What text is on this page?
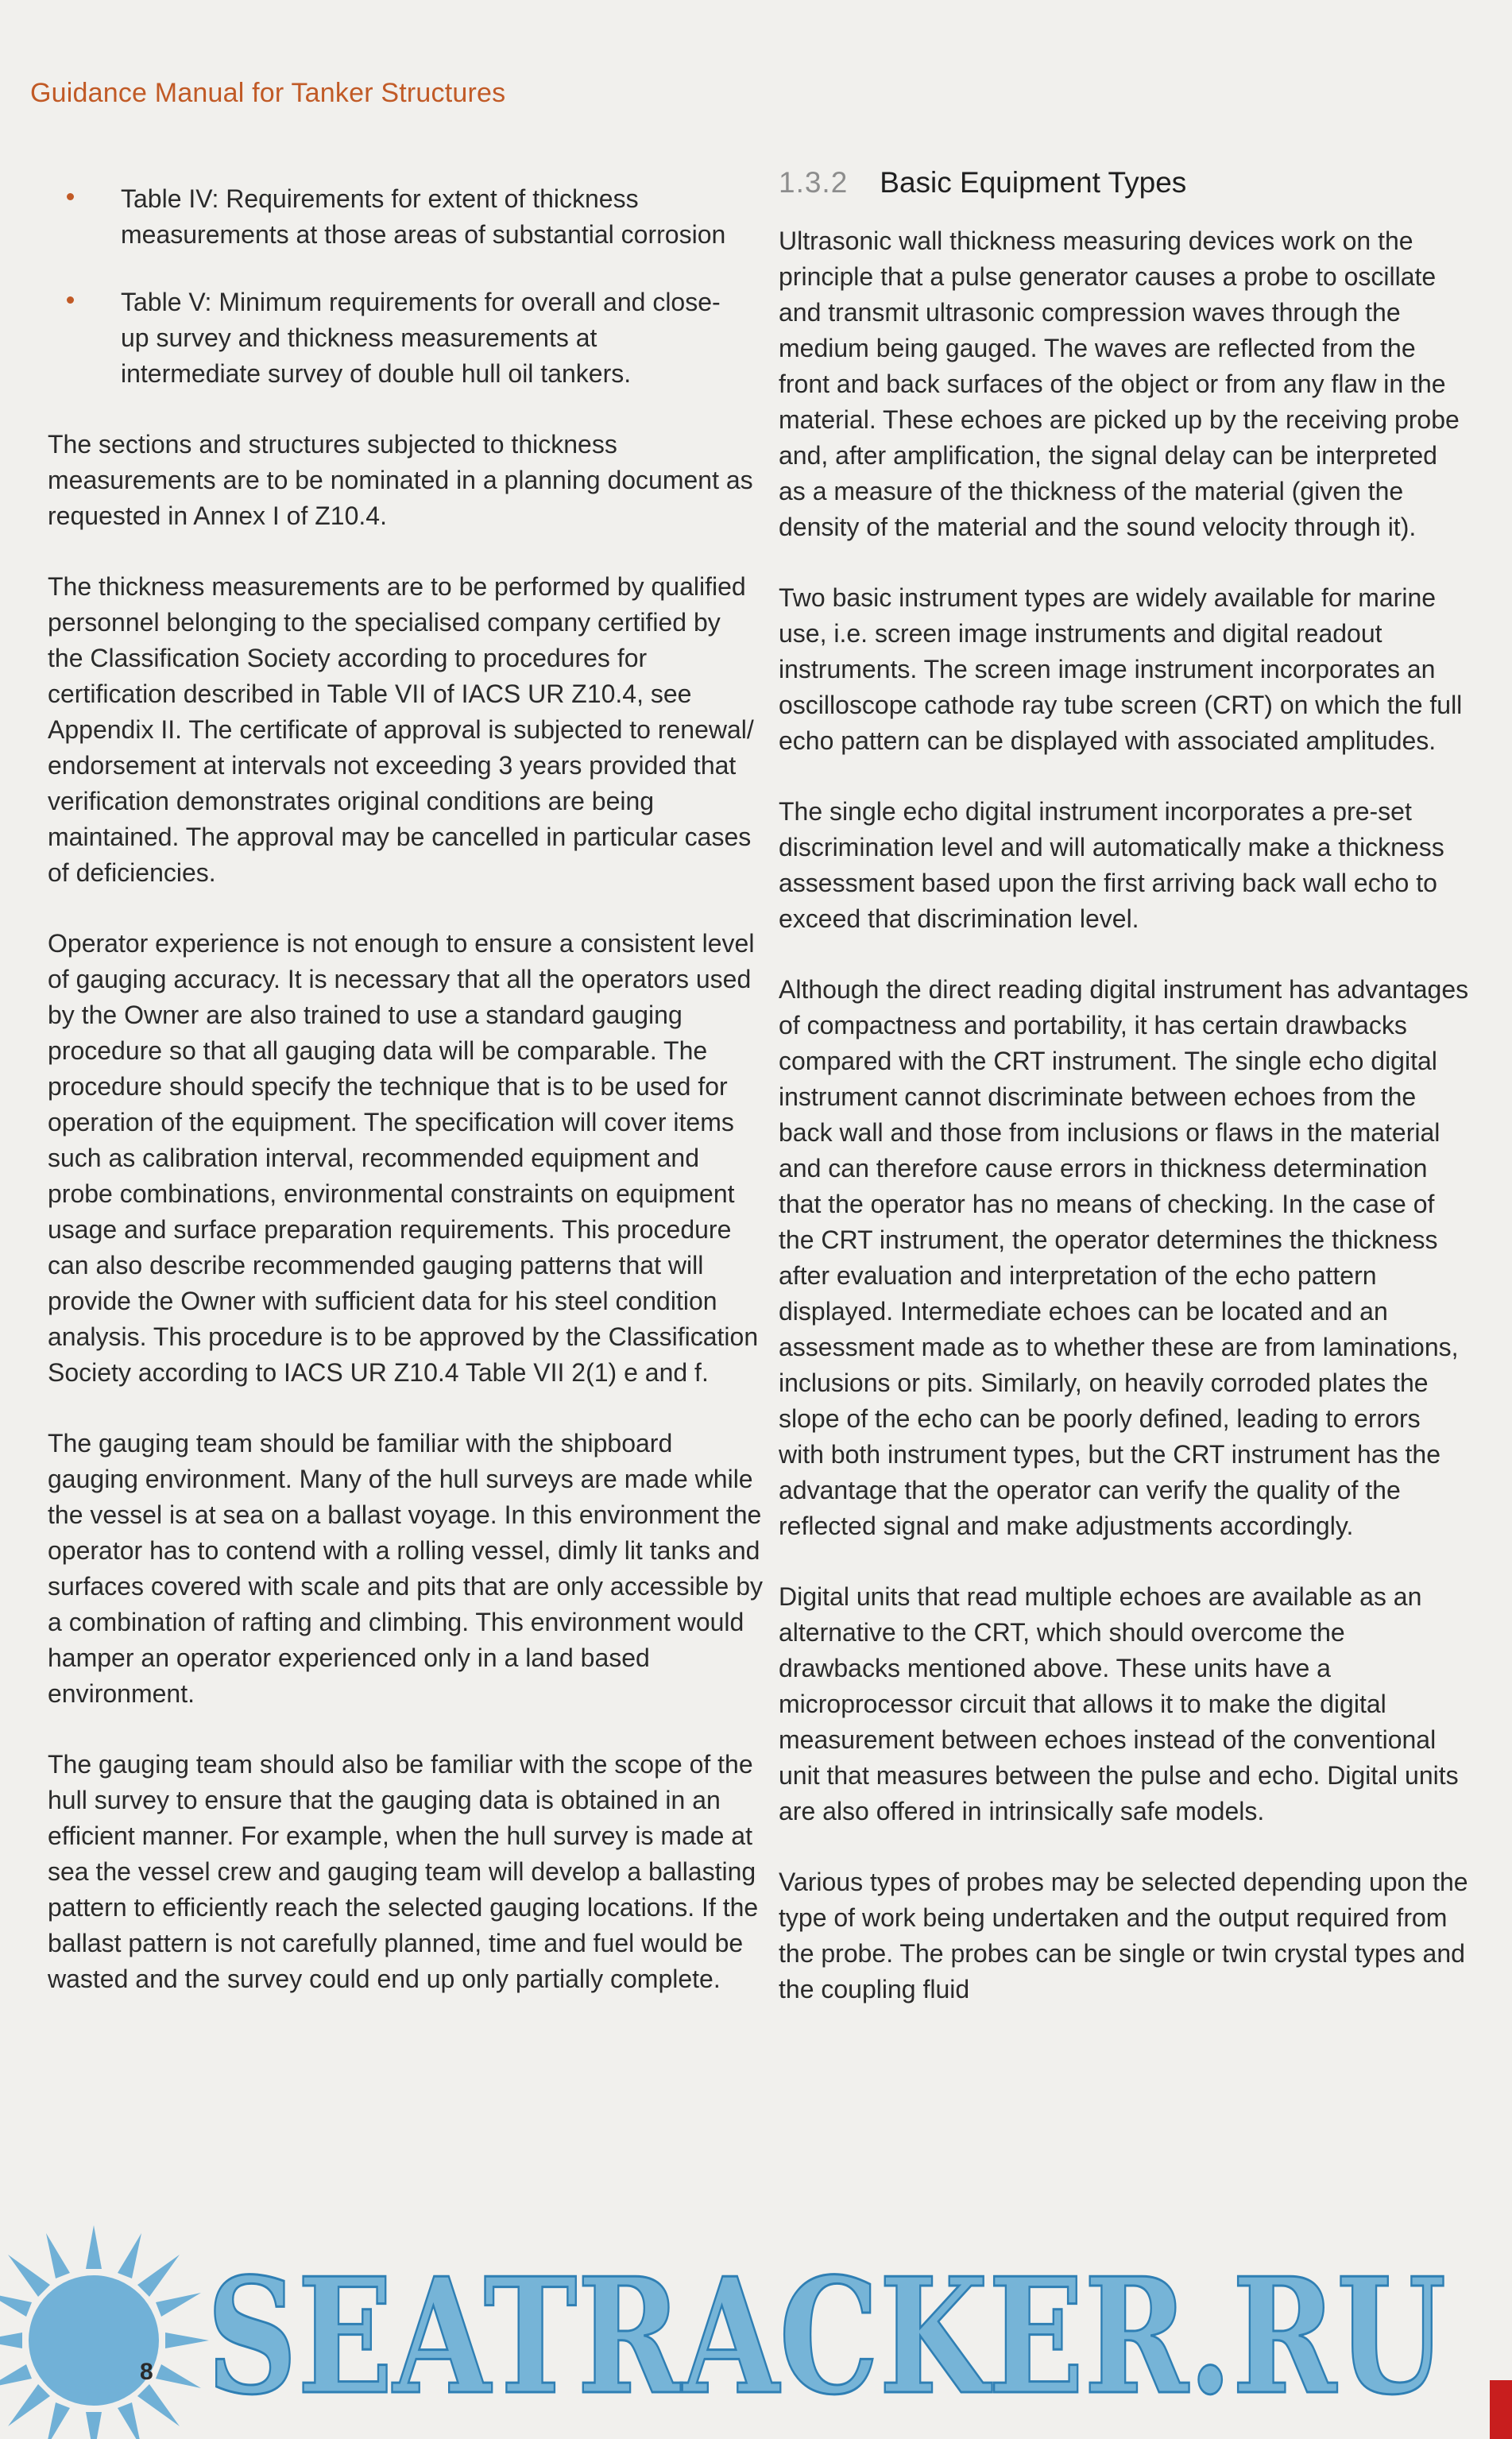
Guidance Manual for Tanker Structures
Table IV: Requirements for extent of thickness measurements at those areas of substantial corrosion
Table V: Minimum requirements for overall and close-up survey and thickness measurements at intermediate survey of double hull oil tankers.

The sections and structures subjected to thickness measurements are to be nominated in a planning document as requested in Annex I of Z10.4.

The thickness measurements are to be performed by qualified personnel belonging to the specialised company certified by the Classification Society according to procedures for certification described in Table VII of IACS UR Z10.4, see Appendix II. The certificate of approval is subjected to renewal/ endorsement at intervals not exceeding 3 years provided that verification demonstrates original conditions are being maintained. The approval may be cancelled in particular cases of deficiencies.

Operator experience is not enough to ensure a consistent level of gauging accuracy. It is necessary that all the operators used by the Owner are also trained to use a standard gauging procedure so that all gauging data will be comparable. The procedure should specify the technique that is to be used for operation of the equipment. The specification will cover items such as calibration interval, recommended equipment and probe combinations, environmental constraints on equipment usage and surface preparation requirements. This procedure can also describe recommended gauging patterns that will provide the Owner with sufficient data for his steel condition analysis. This procedure is to be approved by the Classification Society according to IACS UR Z10.4 Table VII 2(1) e and f.

The gauging team should be familiar with the shipboard gauging environment. Many of the hull surveys are made while the vessel is at sea on a ballast voyage. In this environment the operator has to contend with a rolling vessel, dimly lit tanks and surfaces covered with scale and pits that are only accessible by a combination of rafting and climbing. This environment would hamper an operator experienced only in a land based environment.

The gauging team should also be familiar with the scope of the hull survey to ensure that the gauging data is obtained in an efficient manner. For example, when the hull survey is made at sea the vessel crew and gauging team will develop a ballasting pattern to efficiently reach the selected gauging locations. If the ballast pattern is not carefully planned, time and fuel would be wasted and the survey could end up only partially complete.

1.3.2 Basic Equipment Types

Ultrasonic wall thickness measuring devices work on the principle that a pulse generator causes a probe to oscillate and transmit ultrasonic compression waves through the medium being gauged. The waves are reflected from the front and back surfaces of the object or from any flaw in the material. These echoes are picked up by the receiving probe and, after amplification, the signal delay can be interpreted as a measure of the thickness of the material (given the density of the material and the sound velocity through it).

Two basic instrument types are widely available for marine use, i.e. screen image instruments and digital readout instruments. The screen image instrument incorporates an oscilloscope cathode ray tube screen (CRT) on which the full echo pattern can be displayed with associated amplitudes.

The single echo digital instrument incorporates a pre-set discrimination level and will automatically make a thickness assessment based upon the first arriving back wall echo to exceed that discrimination level.

Although the direct reading digital instrument has advantages of compactness and portability, it has certain drawbacks compared with the CRT instrument. The single echo digital instrument cannot discriminate between echoes from the back wall and those from inclusions or flaws in the material and can therefore cause errors in thickness determination that the operator has no means of checking. In the case of the CRT instrument, the operator determines the thickness after evaluation and interpretation of the echo pattern displayed. Intermediate echoes can be located and an assessment made as to whether these are from laminations, inclusions or pits. Similarly, on heavily corroded plates the slope of the echo can be poorly defined, leading to errors with both instrument types, but the CRT instrument has the advantage that the operator can verify the quality of the reflected signal and make adjustments accordingly.

Digital units that read multiple echoes are available as an alternative to the CRT, which should overcome the drawbacks mentioned above. These units have a microprocessor circuit that allows it to make the digital measurement between echoes instead of the conventional unit that measures between the pulse and echo. Digital units are also offered in intrinsically safe models.

Various types of probes may be selected depending upon the type of work being undertaken and the output required from the probe. The probes can be single or twin crystal types and the coupling fluid

SEATRACKER.RU
8
